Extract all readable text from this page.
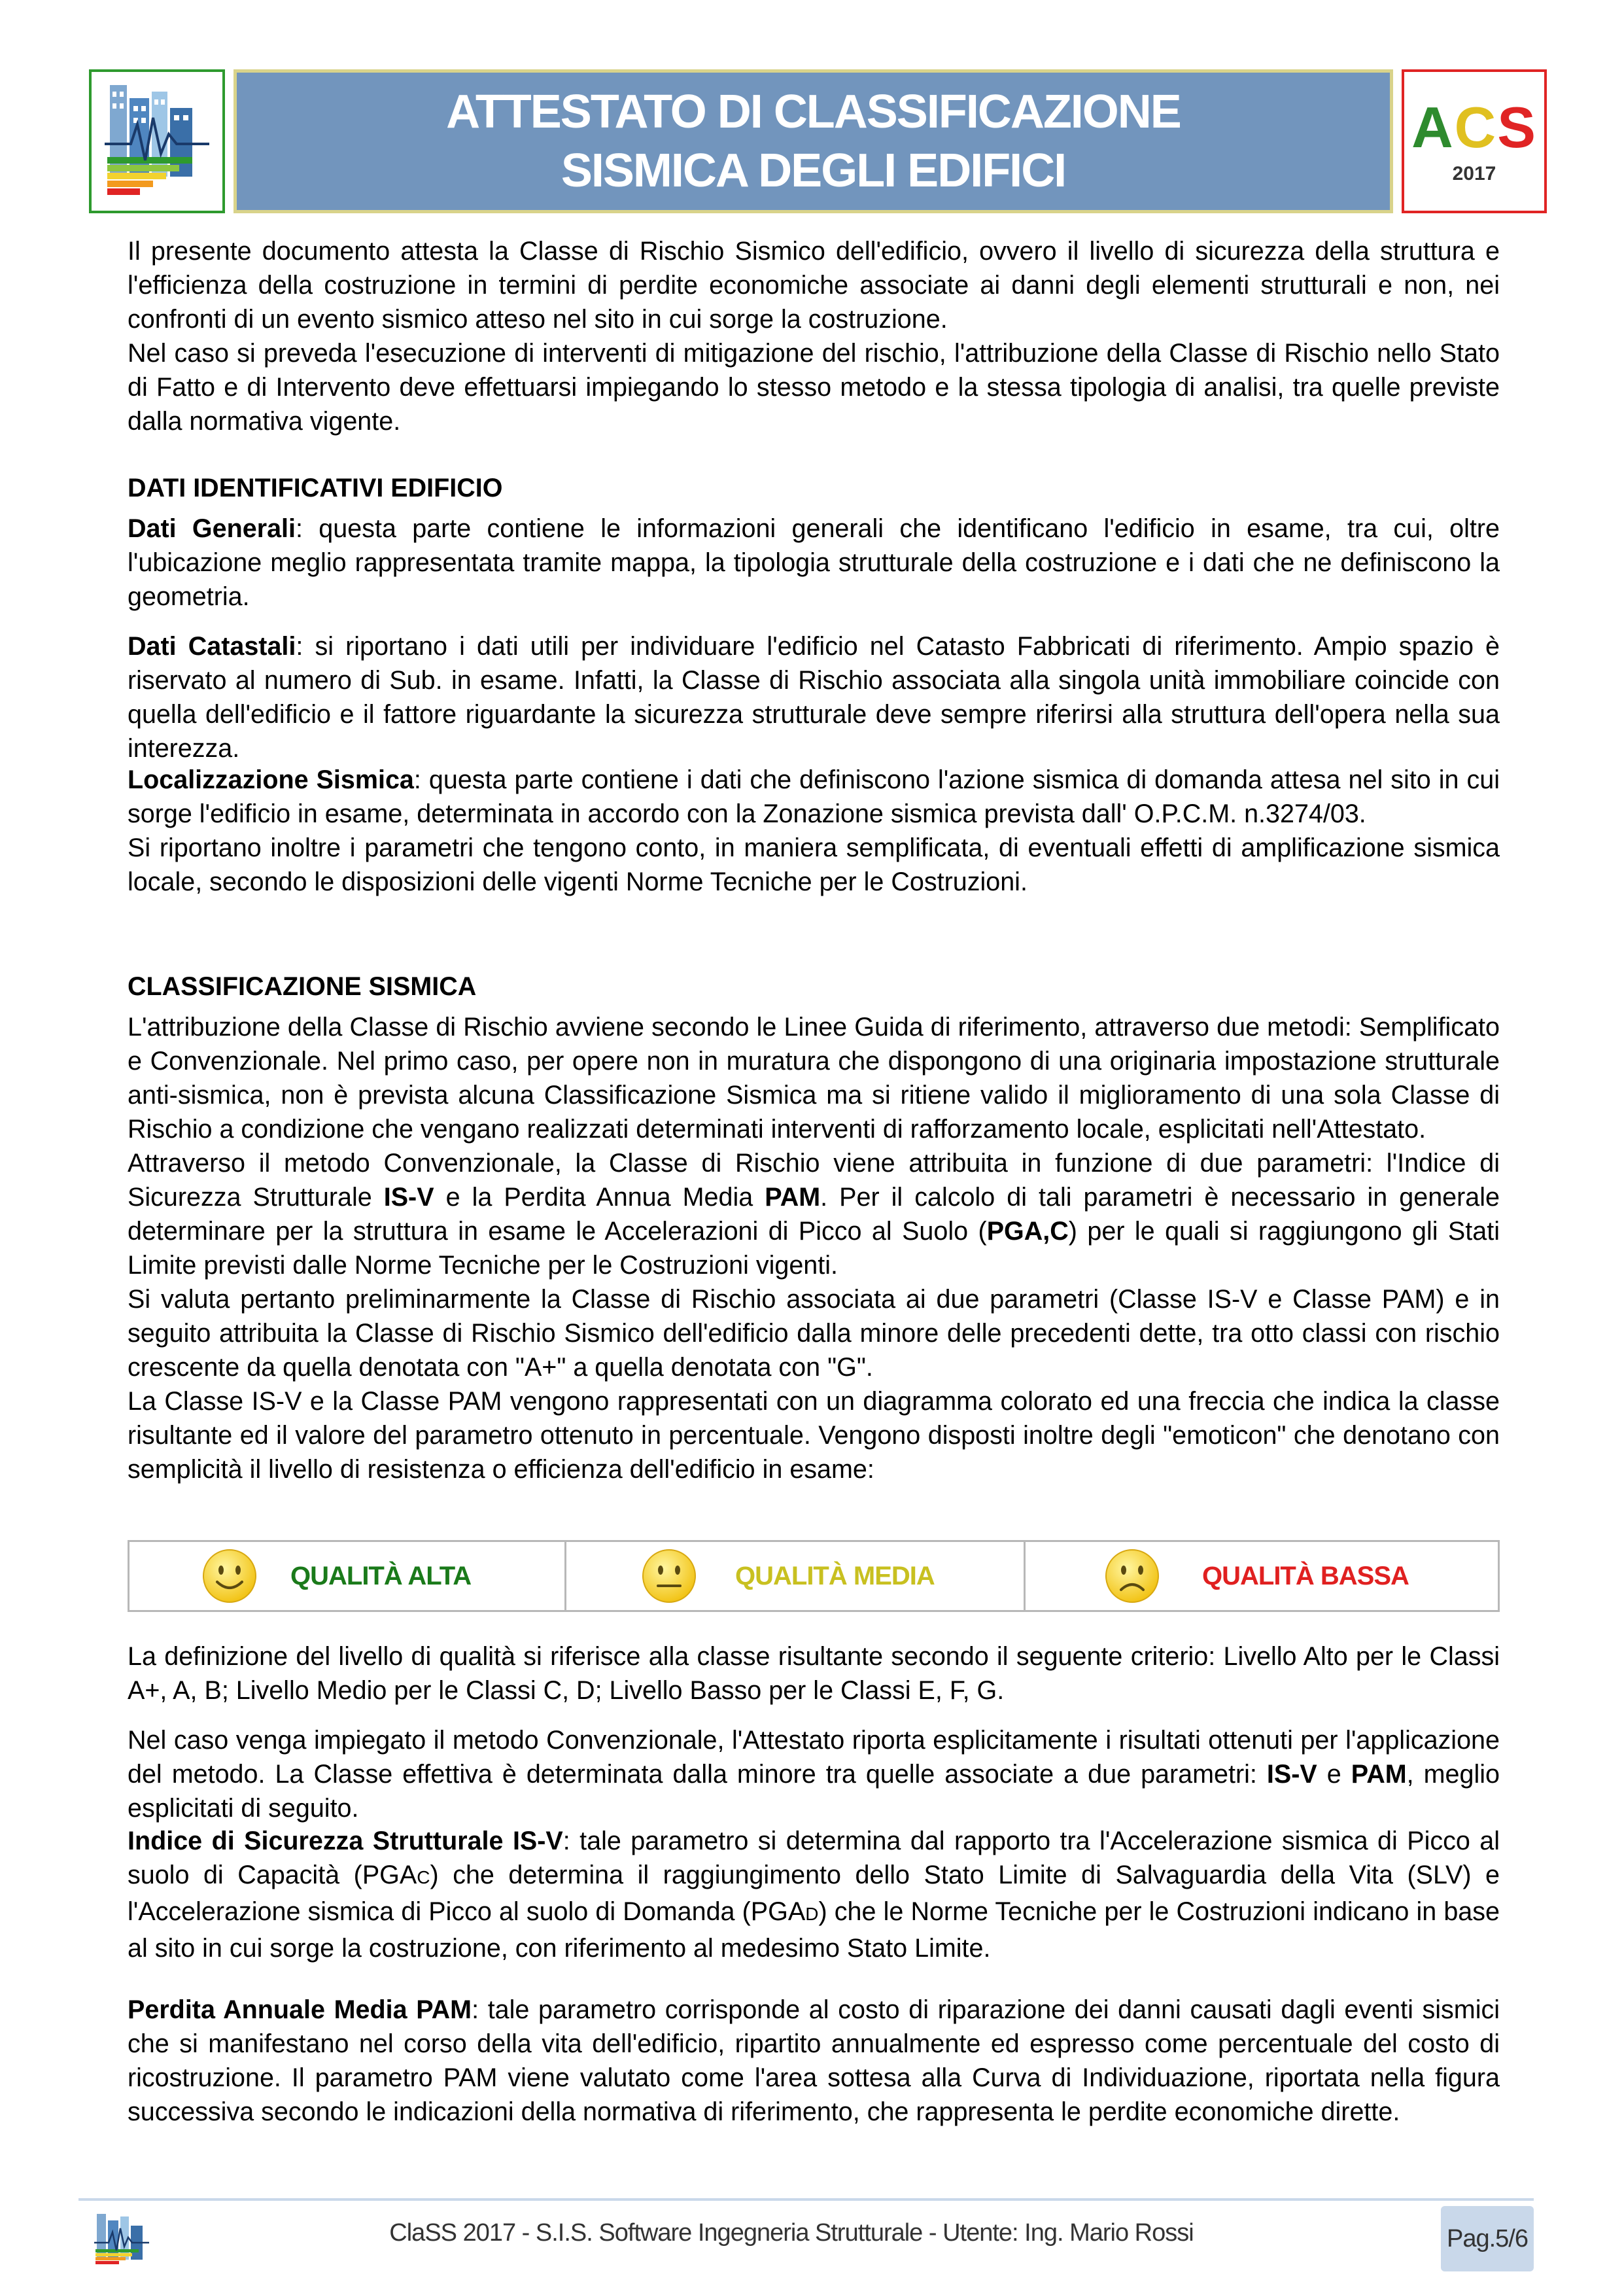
ATTESTATO DI CLASSIFICAZIONE
SISMICA DEGLI EDIFICI
ACS
2017
Il presente documento attesta la Classe di Rischio Sismico dell'edificio, ovvero il livello di sicurezza della struttura e l'efficienza della costruzione in termini di perdite economiche associate ai danni degli elementi strutturali e non, nei confronti di un evento sismico atteso nel sito in cui sorge la costruzione.
Nel caso si preveda l'esecuzione di interventi di mitigazione del rischio, l'attribuzione della Classe di Rischio nello Stato di Fatto e di Intervento deve effettuarsi impiegando lo stesso metodo e la stessa tipologia di analisi, tra quelle previste dalla normativa vigente.
DATI IDENTIFICATIVI EDIFICIO
Dati Generali: questa parte contiene le informazioni generali che identificano l'edificio in esame, tra cui, oltre l'ubicazione meglio rappresentata tramite mappa, la tipologia strutturale della costruzione e i dati che ne definiscono la geometria.
Dati Catastali: si riportano i dati utili per individuare l'edificio nel Catasto Fabbricati di riferimento. Ampio spazio è riservato al numero di Sub. in esame. Infatti, la Classe di Rischio associata alla singola unità immobiliare coincide con quella dell'edificio e il fattore riguardante la sicurezza strutturale deve sempre riferirsi alla struttura dell'opera nella sua interezza.
Localizzazione Sismica: questa parte contiene i dati che definiscono l'azione sismica di domanda attesa nel sito in cui sorge l'edificio in esame, determinata in accordo con la Zonazione sismica prevista dall' O.P.C.M. n.3274/03.
Si riportano inoltre i parametri che tengono conto, in maniera semplificata, di eventuali effetti di amplificazione sismica locale, secondo le disposizioni delle vigenti Norme Tecniche per le Costruzioni.
CLASSIFICAZIONE SISMICA
L'attribuzione della Classe di Rischio avviene secondo le Linee Guida di riferimento, attraverso due metodi: Semplificato e Convenzionale. Nel primo caso, per opere non in muratura che dispongono di una originaria impostazione strutturale anti-sismica, non è prevista alcuna Classificazione Sismica ma si ritiene valido il miglioramento di una sola Classe di Rischio a condizione che vengano realizzati determinati interventi di rafforzamento locale, esplicitati nell'Attestato.
Attraverso il metodo Convenzionale, la Classe di Rischio viene attribuita in funzione di due parametri: l'Indice di Sicurezza Strutturale IS-V e la Perdita Annua Media PAM. Per il calcolo di tali parametri è necessario in generale determinare per la struttura in esame le Accelerazioni di Picco al Suolo (PGA,C) per le quali si raggiungono gli Stati Limite previsti dalle Norme Tecniche per le Costruzioni vigenti.
Si valuta pertanto preliminarmente la Classe di Rischio associata ai due parametri (Classe IS-V e Classe PAM) e in seguito attribuita la Classe di Rischio Sismico dell'edificio dalla minore delle precedenti dette, tra otto classi con rischio crescente da quella denotata con "A+" a quella denotata con "G".
La Classe IS-V e la Classe PAM vengono rappresentati con un diagramma colorato ed una freccia che indica la classe risultante ed il valore del parametro ottenuto in percentuale. Vengono disposti inoltre degli "emoticon" che denotano con semplicità il livello di resistenza o efficienza dell'edificio in esame:
QUALITÀ ALTA	QUALITÀ MEDIA	QUALITÀ BASSA
La definizione del livello di qualità si riferisce alla classe risultante secondo il seguente criterio: Livello Alto per le Classi A+, A, B; Livello Medio per le Classi C, D; Livello Basso per le Classi E, F, G.
Nel caso venga impiegato il metodo Convenzionale, l'Attestato riporta esplicitamente i risultati ottenuti per l'applicazione del metodo. La Classe effettiva è determinata dalla minore tra quelle associate a due parametri: IS-V e PAM, meglio esplicitati di seguito.
Indice di Sicurezza Strutturale IS-V: tale parametro si determina dal rapporto tra l'Accelerazione sismica di Picco al suolo di Capacità (PGAC) che determina il raggiungimento dello Stato Limite di Salvaguardia della Vita (SLV) e l'Accelerazione sismica di Picco al suolo di Domanda (PGAD) che le Norme Tecniche per le Costruzioni indicano in base al sito in cui sorge la costruzione, con riferimento al medesimo Stato Limite.
Perdita Annuale Media PAM: tale parametro corrisponde al costo di riparazione dei danni causati dagli eventi sismici che si manifestano nel corso della vita dell'edificio, ripartito annualmente ed espresso come percentuale del costo di ricostruzione. Il parametro PAM viene valutato come l'area sottesa alla Curva di Individuazione, riportata nella figura successiva secondo le indicazioni della normativa di riferimento, che rappresenta le perdite economiche dirette.
ClaSS 2017 - S.I.S. Software Ingegneria Strutturale - Utente: Ing. Mario Rossi	Pag.5/6
